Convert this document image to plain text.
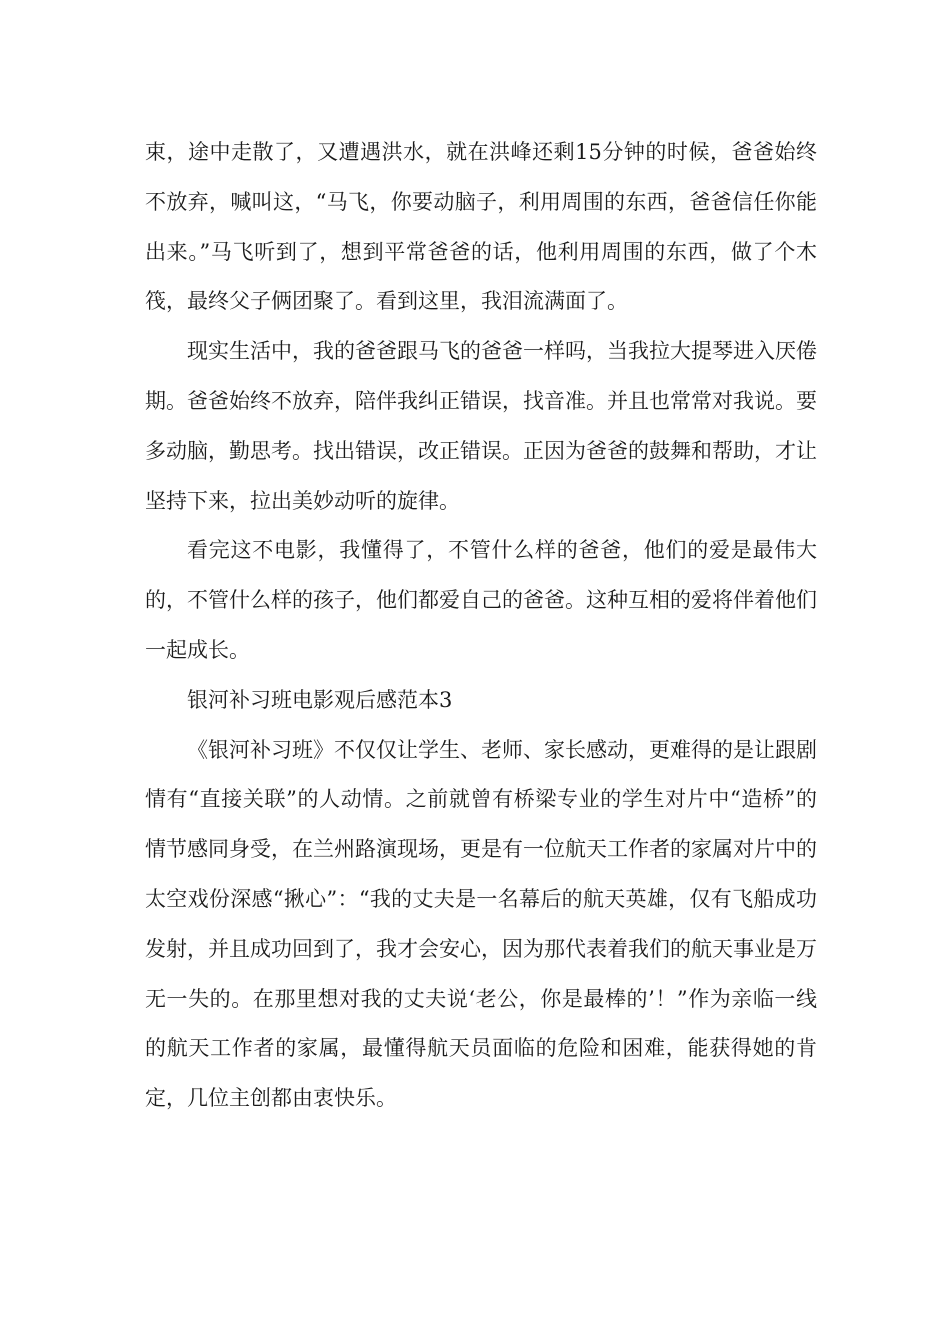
束，途中走散了，又遭遇洪水，就在洪峰还剩15分钟的时候，爸爸始终不放弃，喊叫这，“马飞，你要动脑子，利用周围的东西，爸爸信任你能出来。”马飞听到了，想到平常爸爸的话，他利用周围的东西，做了个木筏，最终父子俩团聚了。看到这里，我泪流满面了。

现实生活中，我的爸爸跟马飞的爸爸一样吗，当我拉大提琴进入厌倦期。爸爸始终不放弃，陪伴我纠正错误，找音准。并且也常常对我说。要多动脑，勤思考。找出错误，改正错误。正因为爸爸的鼓舞和帮助，才让坚持下来，拉出美妙动听的旋律。

看完这不电影，我懂得了，不管什么样的爸爸，他们的爱是最伟大的，不管什么样的孩子，他们都爱自己的爸爸。这种互相的爱将伴着他们一起成长。

银河补习班电影观后感范本3

《银河补习班》不仅仅让学生、老师、家长感动，更难得的是让跟剧情有“直接关联”的人动情。之前就曾有桥梁专业的学生对片中“造桥”的情节感同身受，在兰州路演现场，更是有一位航天工作者的家属对片中的太空戏份深感“揪心”：“我的丈夫是一名幕后的航天英雄，仅有飞船成功发射，并且成功回到了，我才会安心，因为那代表着我们的航天事业是万无一失的。在那里想对我的丈夫说‘老公，你是最棒的’！”作为亲临一线的航天工作者的家属，最懂得航天员面临的危险和困难，能获得她的肯定，几位主创都由衷快乐。
